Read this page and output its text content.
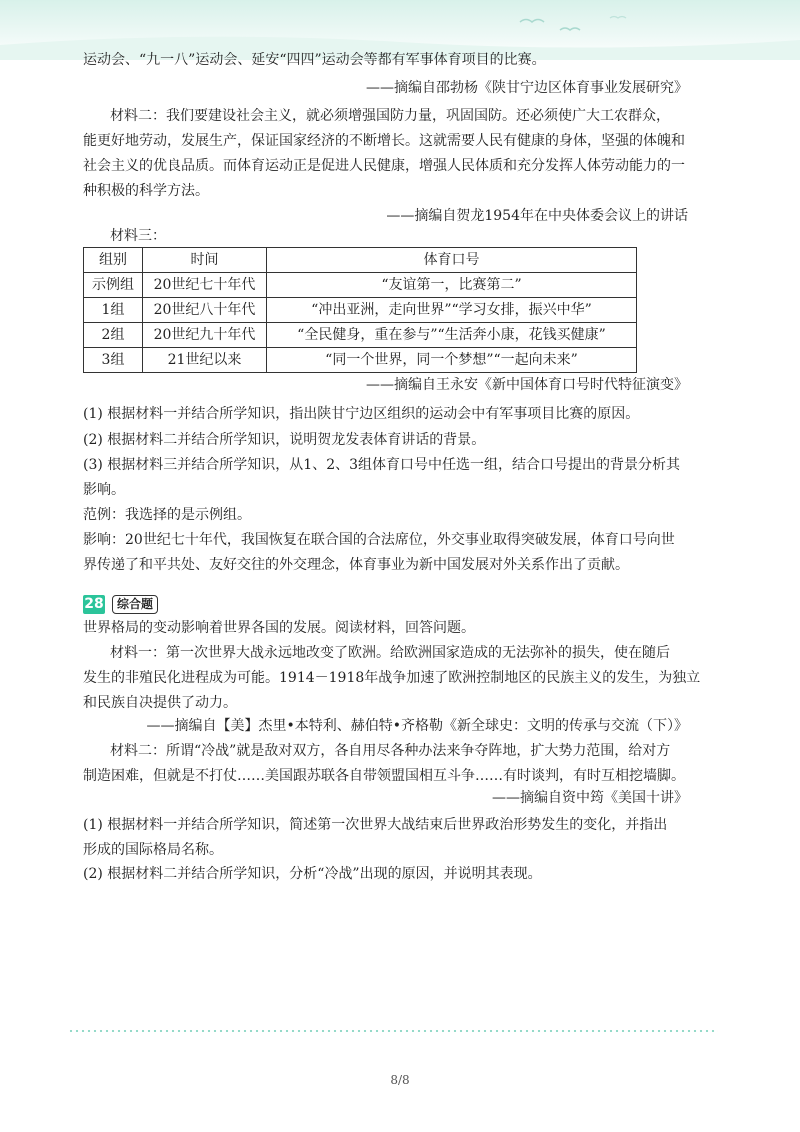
运动会、“九一八”运动会、延安“四四”运动会等都有军事体育项目的比赛。
——摘编自邵勃杨《陕甘宁边区体育事业发展研究》
材料二：我们要建设社会主义，就必须增强国防力量，巩固国防。还必须使广大工农群众，
能更好地劳动，发展生产，保证国家经济的不断增长。这就需要人民有健康的身体，坚强的体魄和
社会主义的优良品质。而体育运动正是促进人民健康，增强人民体质和充分发挥人体劳动能力的一
种积极的科学方法。
——摘编自贺龙1954年在中央体委会议上的讲话
材料三：
组别	时间	体育口号
示例组	20世纪七十年代	“友谊第一，比赛第二”
1组	20世纪八十年代	“冲出亚洲，走向世界”“学习女排，振兴中华”
2组	20世纪九十年代	“全民健身，重在参与”“生活奔小康，花钱买健康”
3组	21世纪以来	“同一个世界，同一个梦想”“一起向未来”
——摘编自王永安《新中国体育口号时代特征演变》
(1) 根据材料一并结合所学知识，指出陕甘宁边区组织的运动会中有军事项目比赛的原因。
(2) 根据材料二并结合所学知识，说明贺龙发表体育讲话的背景。
(3) 根据材料三并结合所学知识，从1、2、3组体育口号中任选一组，结合口号提出的背景分析其
影响。
范例：我选择的是示例组。
影响：20世纪七十年代，我国恢复在联合国的合法席位，外交事业取得突破发展，体育口号向世
界传递了和平共处、友好交往的外交理念，体育事业为新中国发展对外关系作出了贡献。
28	综合题
世界格局的变动影响着世界各国的发展。阅读材料，回答问题。
材料一：第一次世界大战永远地改变了欧洲。给欧洲国家造成的无法弥补的损失，使在随后
发生的非殖民化进程成为可能。1914－1918年战争加速了欧洲控制地区的民族主义的发生，为独立
和民族自决提供了动力。
——摘编自【美】杰里•本特利、赫伯特•齐格勒《新全球史：文明的传承与交流（下）》
材料二：所谓“冷战”就是敌对双方，各自用尽各种办法来争夺阵地，扩大势力范围，给对方
制造困难，但就是不打仗……美国跟苏联各自带领盟国相互斗争……有时谈判，有时互相挖墙脚。
——摘编自资中筠《美国十讲》
(1) 根据材料一并结合所学知识，简述第一次世界大战结束后世界政治形势发生的变化，并指出
形成的国际格局名称。
(2) 根据材料二并结合所学知识，分析“冷战”出现的原因，并说明其表现。
8/8
